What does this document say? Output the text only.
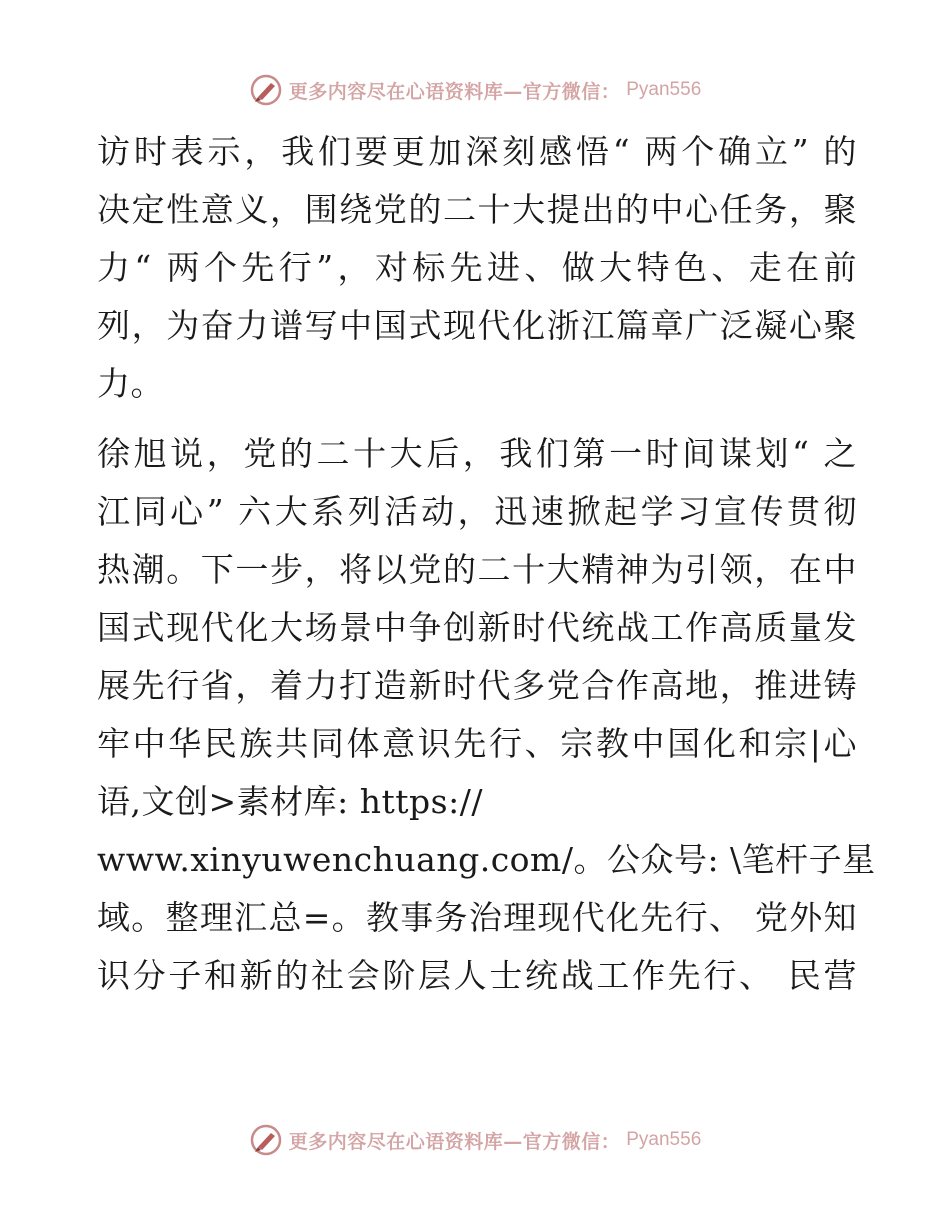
更多内容尽在心语资料库—官方微信： Pyan556
访时表示，我们要更加深刻感悟“ 两个确立” 的
决定性意义，围绕党的二十大提出的中心任务，聚
力“ 两个先行”，对标先进、做大特色、走在前
列，为奋力谱写中国式现代化浙江篇章广泛凝心聚
力。
徐旭说，党的二十大后，我们第一时间谋划“ 之
江同心” 六大系列活动，迅速掀起学习宣传贯彻
热潮。下一步，将以党的二十大精神为引领，在中
国式现代化大场景中争创新时代统战工作高质量发
展先行省，着力打造新时代多党合作高地，推进铸
牢中华民族共同体意识先行、宗教中国化和宗|心
语,文创>素材库: https://
www.xinyuwenchuang.com/。公众号: \笔杆子星
域。整理汇总=。教事务治理现代化先行、 党外知
识分子和新的社会阶层人士统战工作先行、 民营
更多内容尽在心语资料库—官方微信： Pyan556
